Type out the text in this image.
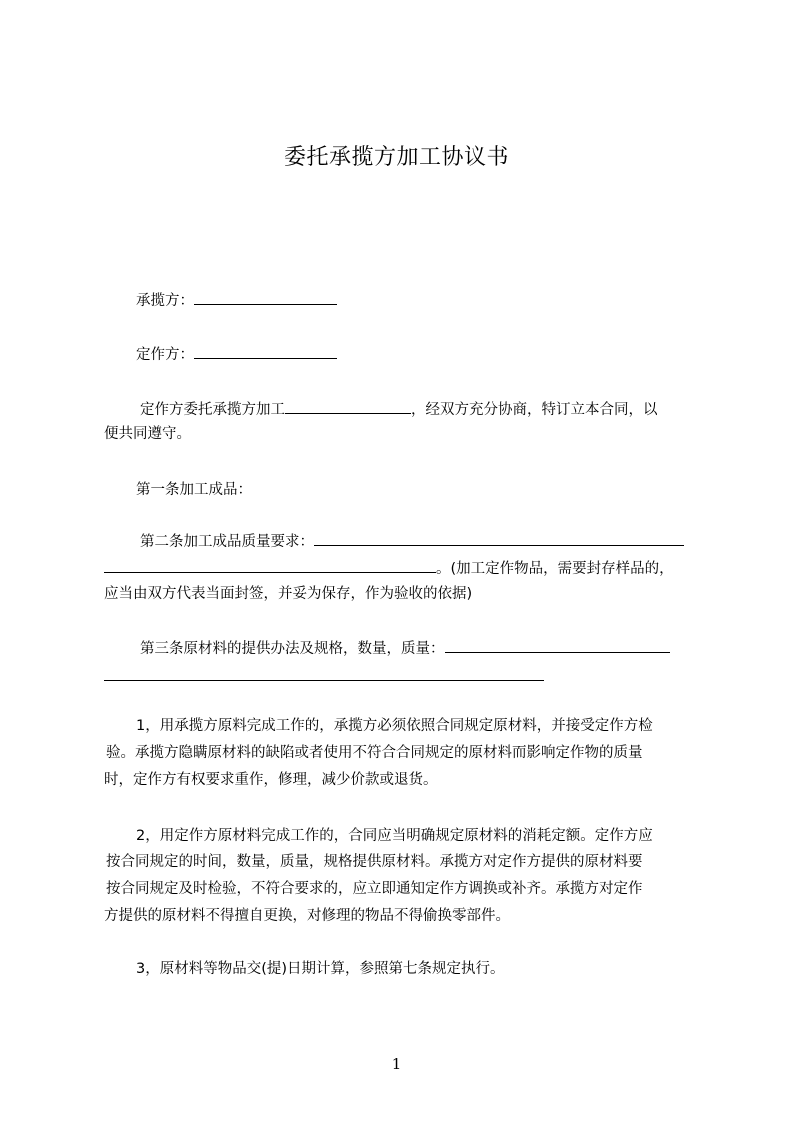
委托承揽方加工协议书
承揽方：
定作方：
定作方委托承揽方加工	，经双方充分协商，特订立本合同，以
便共同遵守。
第一条加工成品：
第二条加工成品质量要求：
。(加工定作物品，需要封存样品的，
应当由双方代表当面封签，并妥为保存，作为验收的依据)
第三条原材料的提供办法及规格，数量，质量：
1，用承揽方原料完成工作的，承揽方必须依照合同规定原材料，并接受定作方检
验。承揽方隐瞒原材料的缺陷或者使用不符合合同规定的原材料而影响定作物的质量
时，定作方有权要求重作，修理，减少价款或退货。
2，用定作方原材料完成工作的，合同应当明确规定原材料的消耗定额。定作方应
按合同规定的时间，数量，质量，规格提供原材料。承揽方对定作方提供的原材料要
按合同规定及时检验，不符合要求的，应立即通知定作方调换或补齐。承揽方对定作
方提供的原材料不得擅自更换，对修理的物品不得偷换零部件。
3，原材料等物品交(提)日期计算，参照第七条规定执行。
1
